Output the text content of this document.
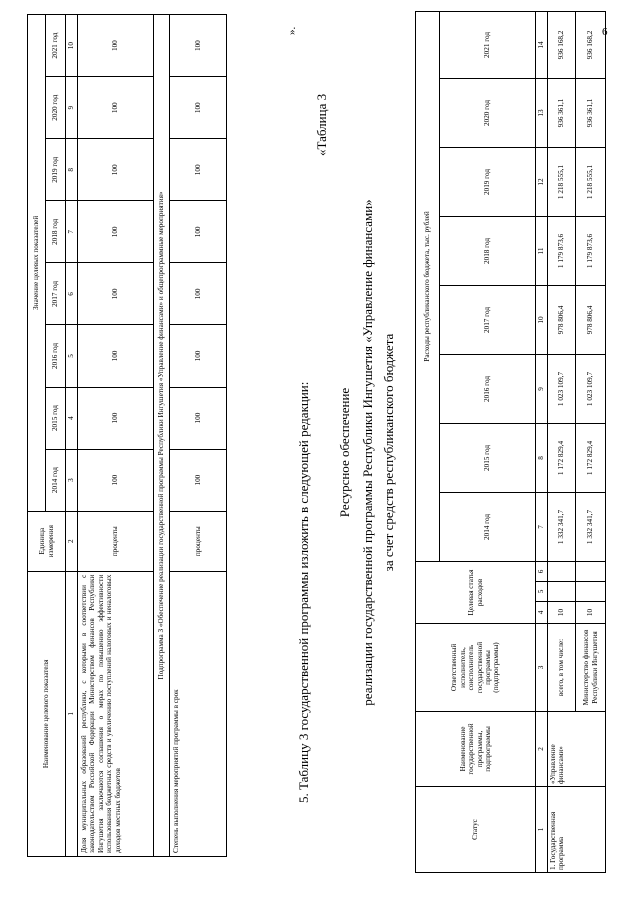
6
Наименование целевого показателя	Единица измерения	Значение целевых показателей							
		2014 год	2015 год	2016 год	2017 год	2018 год	2019 год	2020 год	2021 год
1	2	3	4	5	6	7	8	9	10
Доля муниципальных образований республики, с которыми в соответствии с законодательством Российской Федерации Министерством финансов Республики Ингушетия заключаются соглашения о мерах по повышению эффективности использования бюджетных средств и увеличению поступлений налоговых и неналоговых доходов местных бюджетов	проценты	100	100	100	100	100	100	100	100
Подпрограмма 3 «Обеспечение реализации государственной программы Республики Ингушетия «Управление финансами» и общепрограммные мероприятия»									
Степень выполнения мероприятий программы в срок	проценты	100	100	100	100	100	100	100	100
».
«Таблица 3
5. Таблицу 3 государственной программы изложить в следующей редакции: Ресурсное обеспечение реализации государственной программы Республики Ингушетия «Управление финансами» за счет средств республиканского бюджета
Статус	Наименование государственной программы, подпрограммы	Ответственный исполнитель, соисполнитель государственной программы (подпрограммы)	Целевая статья расходов			Расходы республиканского бюджета, тыс. рублей							
						2014 год	2015 год	2016 год	2017 год	2018 год	2019 год	2020 год	2021 год
1	2	3	4	5	6	7	8	9	10	11	12	13	14
1. Государственная программа	«Управление финансами»	всего, в том числе:	10			1 332 341,7	1 172 829,4	1 023 109,7	978 806,4	1 179 873,6	1 218 555,1	936 361,1	936 168,2
		Министерство финансов Республики Ингушетия	10			1 332 341,7	1 172 829,4	1 023 109,7	978 806,4	1 179 873,6	1 218 555,1	936 361,1	936 168,2
